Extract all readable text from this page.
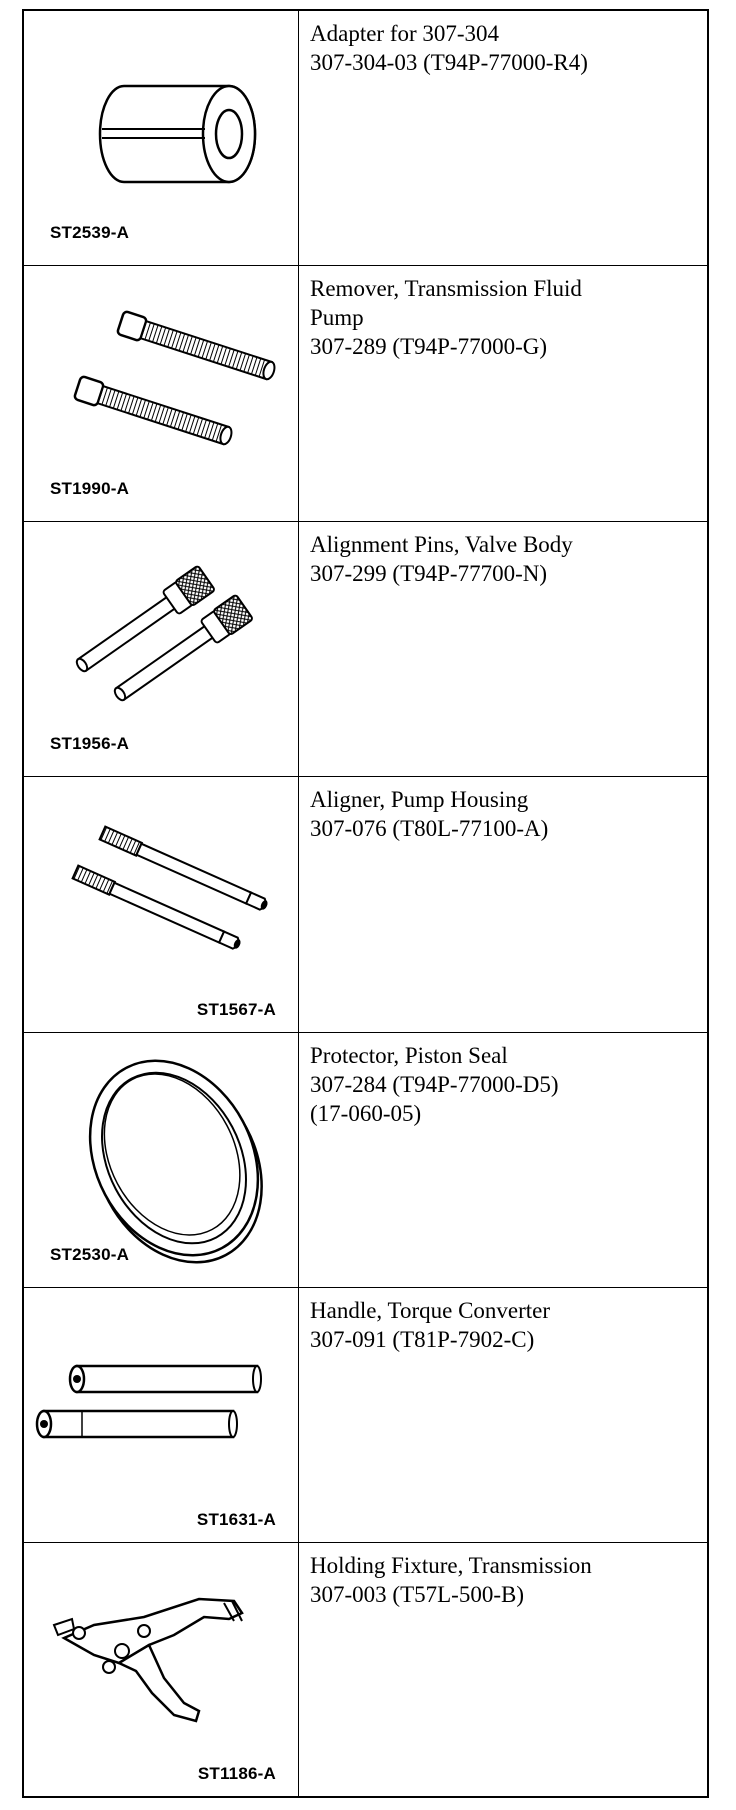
ST2539-A
Adapter for 307-304
307-304-03 (T94P-77000-R4)
ST1990-A
Remover, Transmission Fluid
Pump
307-289 (T94P-77000-G)
ST1956-A
Alignment Pins, Valve Body
307-299 (T94P-77700-N)
ST1567-A
Aligner, Pump Housing
307-076 (T80L-77100-A)
ST2530-A
Protector, Piston Seal
307-284 (T94P-77000-D5)
(17-060-05)
ST1631-A
Handle, Torque Converter
307-091 (T81P-7902-C)
ST1186-A
Holding Fixture, Transmission
307-003 (T57L-500-B)
